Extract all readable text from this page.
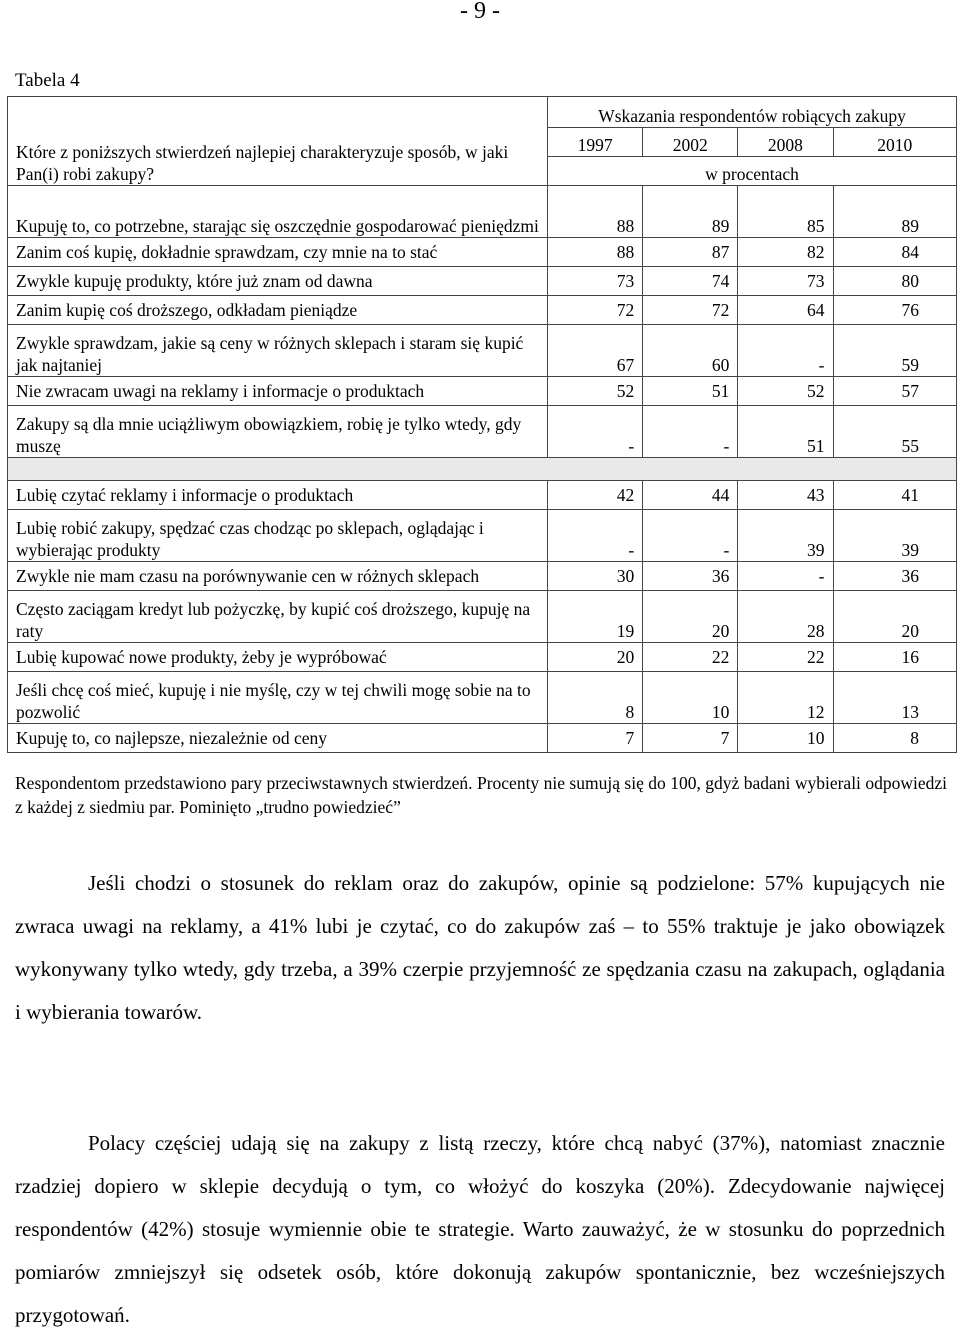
- 9 -
Tabela 4
Które z poniższych stwierdzeń najlepiej charakteryzuje sposób, w jaki Pan(i) robi zakupy?	Wskazania respondentów robiących zakupy			
	1997	2002	2008	2010
	w procentach			
Kupuję to, co potrzebne, starając się oszczędnie gospodarować pieniędzmi	88	89	85	89
Zanim coś kupię, dokładnie sprawdzam, czy mnie na to stać	88	87	82	84
Zwykle kupuję produkty, które już znam od dawna	73	74	73	80
Zanim kupię coś droższego, odkładam pieniądze	72	72	64	76
Zwykle sprawdzam, jakie są ceny w różnych sklepach i staram się kupić jak najtaniej	67	60	-	59
Nie zwracam uwagi na reklamy i informacje o produktach	52	51	52	57
Zakupy są dla mnie uciążliwym obowiązkiem, robię je tylko wtedy, gdy muszę	-	-	51	55

Lubię czytać reklamy i informacje o produktach	42	44	43	41
Lubię robić zakupy, spędzać czas chodząc po sklepach, oglądając i wybierając produkty	-	-	39	39
Zwykle nie mam czasu na porównywanie cen w różnych sklepach	30	36	-	36
Często zaciągam kredyt lub pożyczkę, by kupić coś droższego, kupuję na raty	19	20	28	20
Lubię kupować nowe produkty, żeby je wypróbować	20	22	22	16
Jeśli chcę coś mieć, kupuję i nie myślę, czy w tej chwili mogę sobie na to pozwolić	8	10	12	13
Kupuję to, co najlepsze, niezależnie od ceny	7	7	10	8
Respondentom przedstawiono pary przeciwstawnych stwierdzeń. Procenty nie sumują się do 100, gdyż badani wybierali odpowiedzi z każdej z siedmiu par. Pominięto „trudno powiedzieć”
Jeśli chodzi o stosunek do reklam oraz do zakupów, opinie są podzielone: 57% kupujących nie zwraca uwagi na reklamy, a 41% lubi je czytać, co do zakupów zaś – to 55% traktuje je jako obowiązek wykonywany tylko wtedy, gdy trzeba, a 39% czerpie przyjemność ze spędzania czasu na zakupach, oglądania i wybierania towarów.
Polacy częściej udają się na zakupy z listą rzeczy, które chcą nabyć (37%), natomiast znacznie rzadziej dopiero w sklepie decydują o tym, co włożyć do koszyka (20%). Zdecydowanie najwięcej respondentów (42%) stosuje wymiennie obie te strategie. Warto zauważyć, że w stosunku do poprzednich pomiarów zmniejszył się odsetek osób, które dokonują zakupów spontanicznie, bez wcześniejszych przygotowań.
